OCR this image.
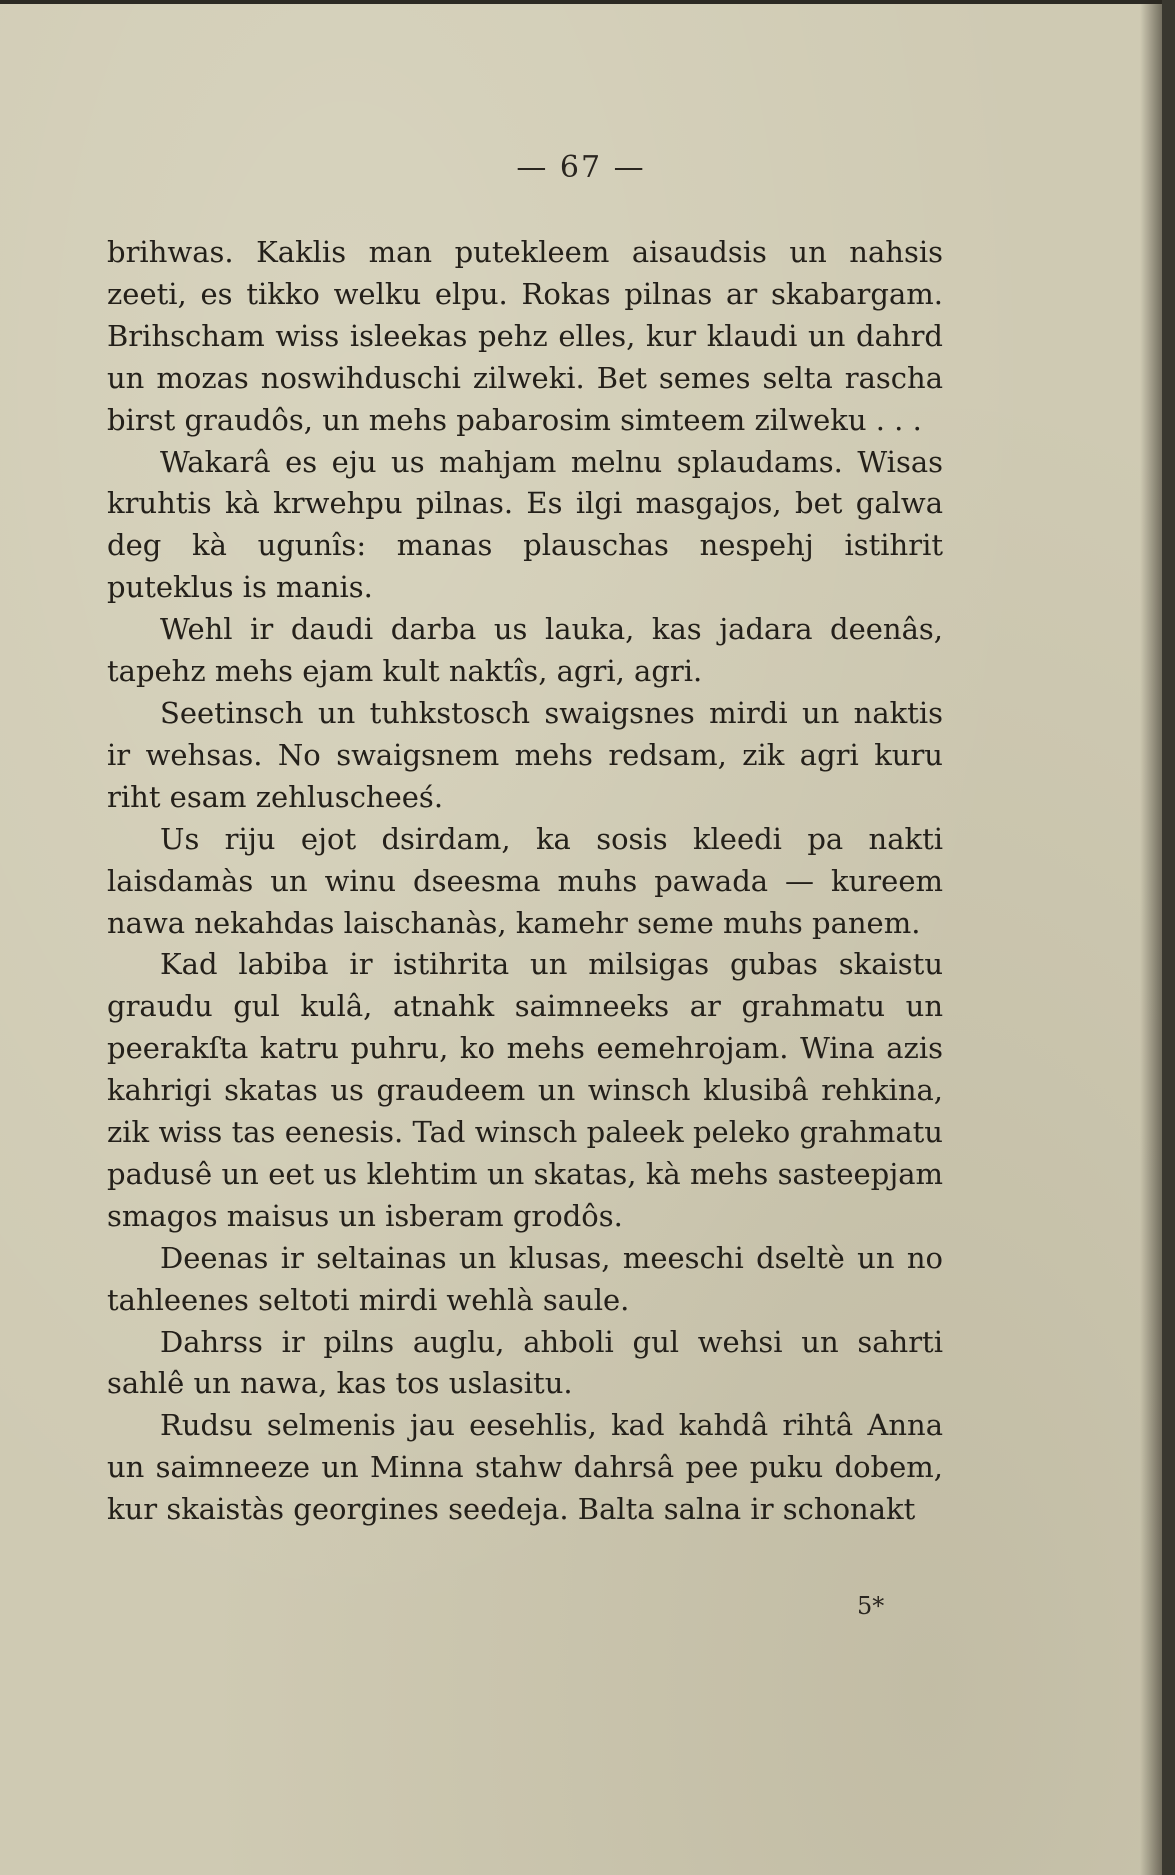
— 67 —

brihwas. Kaklis man putekleem aisaudsis un nahsis zeeti, es tikko welku elpu. Rokas pilnas ar skabargam. Brihscham wiss isleekas pehz elles, kur klaudi un dahrd un mozas noswihduschi zilweki. Bet semes selta rascha birst graudôs, un mehs pabarosim simteem zilweku . . .

Wakarâ es eju us mahjam melnu splaudams. Wisas kruhtis kà krwehpu pilnas. Es ilgi masgajos, bet galwa deg kà ugunîs: manas plauschas nespehj istihrit puteklus is manis.

Wehl ir daudi darba us lauka, kas jadara deenâs, tapehz mehs ejam kult naktîs, agri, agri.

Seetinsch un tuhkstosch swaigsnes mirdi un naktis ir wehsas. No swaigsnem mehs redsam, zik agri kuru riht esam zehluscheeś.

Us riju ejot dsirdam, ka sosis kleedi pa nakti laisdamàs un winu dseesma muhs pawada — kureem nawa nekahdas laischanàs, kamehr seme muhs panem.

Kad labiba ir istihrita un milsigas gubas skaistu graudu gul kulâ, atnahk saimneeks ar grahmatu un peerakſta katru puhru, ko mehs eemehrojam. Wina azis kahrigi skatas us graudeem un winsch klusibâ rehkina, zik wiss tas eenesis. Tad winsch paleek peleko grahmatu padusê un eet us klehtim un skatas, kà mehs sasteepjam smagos maisus un isberam grodôs.

Deenas ir seltainas un klusas, meeschi dseltè un no tahleenes seltoti mirdi wehlà saule.

Dahrss ir pilns auglu, ahboli gul wehsi un sahrti sahlê un nawa, kas tos uslasitu.

Rudsu selmenis jau eesehlis, kad kahdâ rihtâ Anna un saimneeze un Minna stahw dahrsâ pee puku dobem, kur skaistàs georgines seedeja. Balta salna ir schonakt

5*
